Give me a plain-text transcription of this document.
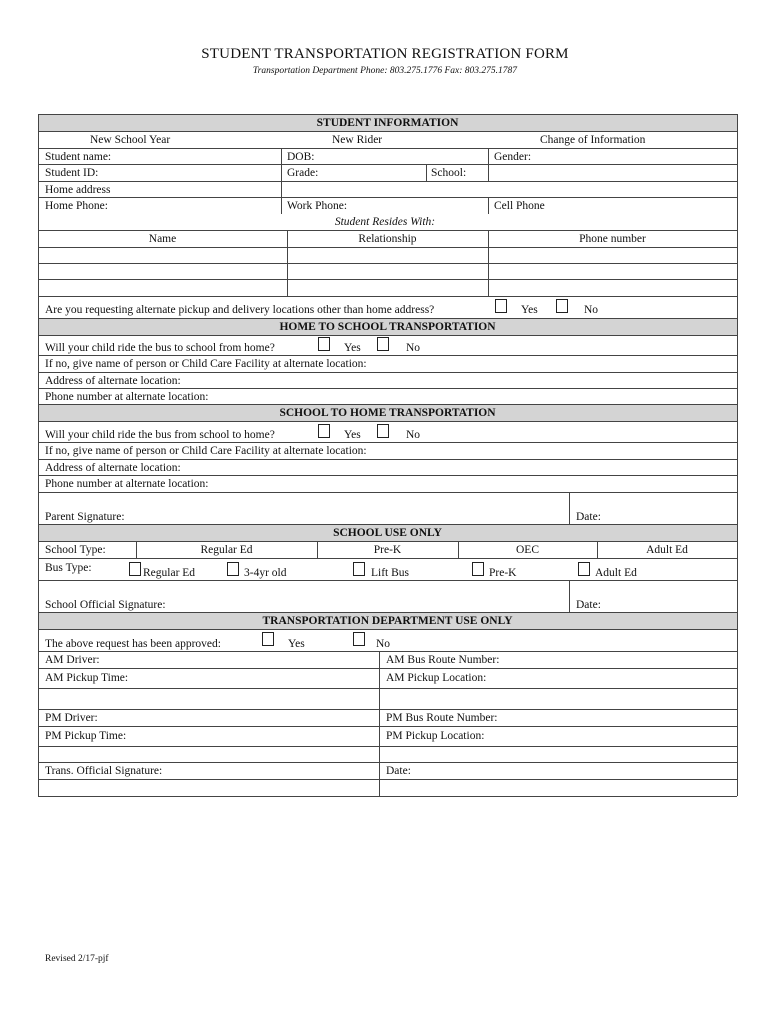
STUDENT TRANSPORTATION REGISTRATION FORM
Transportation Department Phone: 803.275.1776 Fax: 803.275.1787
STUDENT INFORMATION
New School Year	New Rider	Change of Information
Student name:	DOB:	Gender:
Student ID:	Grade:	School:
Home address
Home Phone:	Work Phone:	Cell Phone
Student Resides With:
Name	Relationship	Phone number
Are you requesting alternate pickup and delivery locations other than home address?	Yes	No
HOME TO SCHOOL TRANSPORTATION
Will your child ride the bus to school from home?	Yes	No
If no, give name of person or Child Care Facility at alternate location:
Address of alternate location:
Phone number at alternate location:
SCHOOL TO HOME TRANSPORTATION
Will your child ride the bus from school to home?	Yes	No
If no, give name of person or Child Care Facility at alternate location:
Address of alternate location:
Phone number at alternate location:
Parent Signature:	Date:
SCHOOL USE ONLY
School Type:	Regular Ed	Pre-K	OEC	Adult Ed
Bus Type:	Regular Ed	3-4yr old	Lift Bus	Pre-K	Adult Ed
School Official Signature:	Date:
TRANSPORTATION DEPARTMENT USE ONLY
The above request has been approved:	Yes	No
AM Driver:	AM Bus Route Number:
AM Pickup Time:	AM Pickup Location:
PM Driver:	PM Bus Route Number:
PM Pickup Time:	PM Pickup Location:
Trans. Official Signature:	Date:
Revised 2/17-pjf
